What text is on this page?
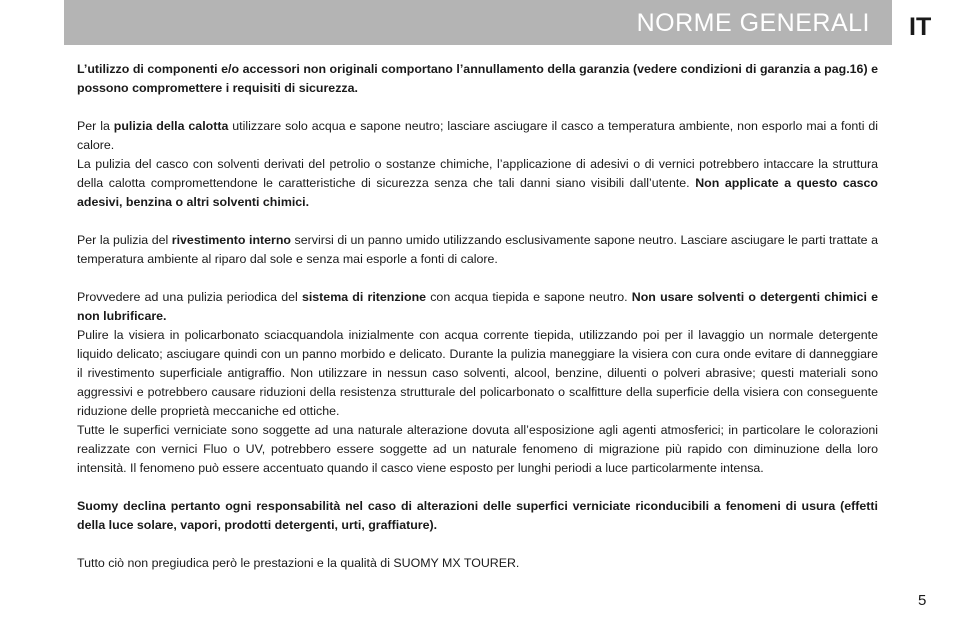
NORME GENERALI IT

L’utilizzo di componenti e/o accessori non originali comportano l’annullamento della garanzia (vedere condizioni di garanzia a pag.16) e possono compromettere i requisiti di sicurezza.

Per la pulizia della calotta utilizzare solo acqua e sapone neutro; lasciare asciugare il casco a temperatura ambiente, non esporlo mai a fonti di calore.

La pulizia del casco con solventi derivati del petrolio o sostanze chimiche, l’applicazione di adesivi o di vernici potrebbero intaccare la struttura della calotta compromettendone le caratteristiche di sicurezza senza che tali danni siano visibili dall’utente. Non applicate a questo casco adesivi, benzina o altri solventi chimici.

Per la pulizia del rivestimento interno servirsi di un panno umido utilizzando esclusivamente sapone neutro. Lasciare asciugare le parti trattate a temperatura ambiente al riparo dal sole e senza mai esporle a fonti di calore.

Provvedere ad una pulizia periodica del sistema di ritenzione con acqua tiepida e sapone neutro. Non usare solventi o detergenti chimici e non lubrificare.

Pulire la visiera in policarbonato sciacquandola inizialmente con acqua corrente tiepida, utilizzando poi per il lavaggio un normale detergente liquido delicato; asciugare quindi con un panno morbido e delicato. Durante la pulizia maneggiare la visiera con cura onde evitare di danneggiare il rivestimento superficiale antigraffio. Non utilizzare in nessun caso solventi, alcool, benzine, diluenti o polveri abrasive; questi materiali sono aggressivi e potrebbero causare riduzioni della resistenza strutturale del policarbonato o scalfitture della superficie della visiera con conseguente riduzione delle proprietà meccaniche ed ottiche.

Tutte le superfici verniciate sono soggette ad una naturale alterazione dovuta all’esposizione agli agenti atmosferici; in particolare le colorazioni realizzate con vernici Fluo o UV, potrebbero essere soggette ad un naturale fenomeno di migrazione più rapido con diminuzione della loro intensità. Il fenomeno può essere accentuato quando il casco viene esposto per lunghi periodi a luce particolarmente intensa.

Suomy declina pertanto ogni responsabilità nel caso di alterazioni delle superfici verniciate riconducibili a fenomeni di usura (effetti della luce solare, vapori, prodotti detergenti, urti, graffiature).

Tutto ciò non pregiudica però le prestazioni e la qualità di SUOMY MX TOURER.

5
